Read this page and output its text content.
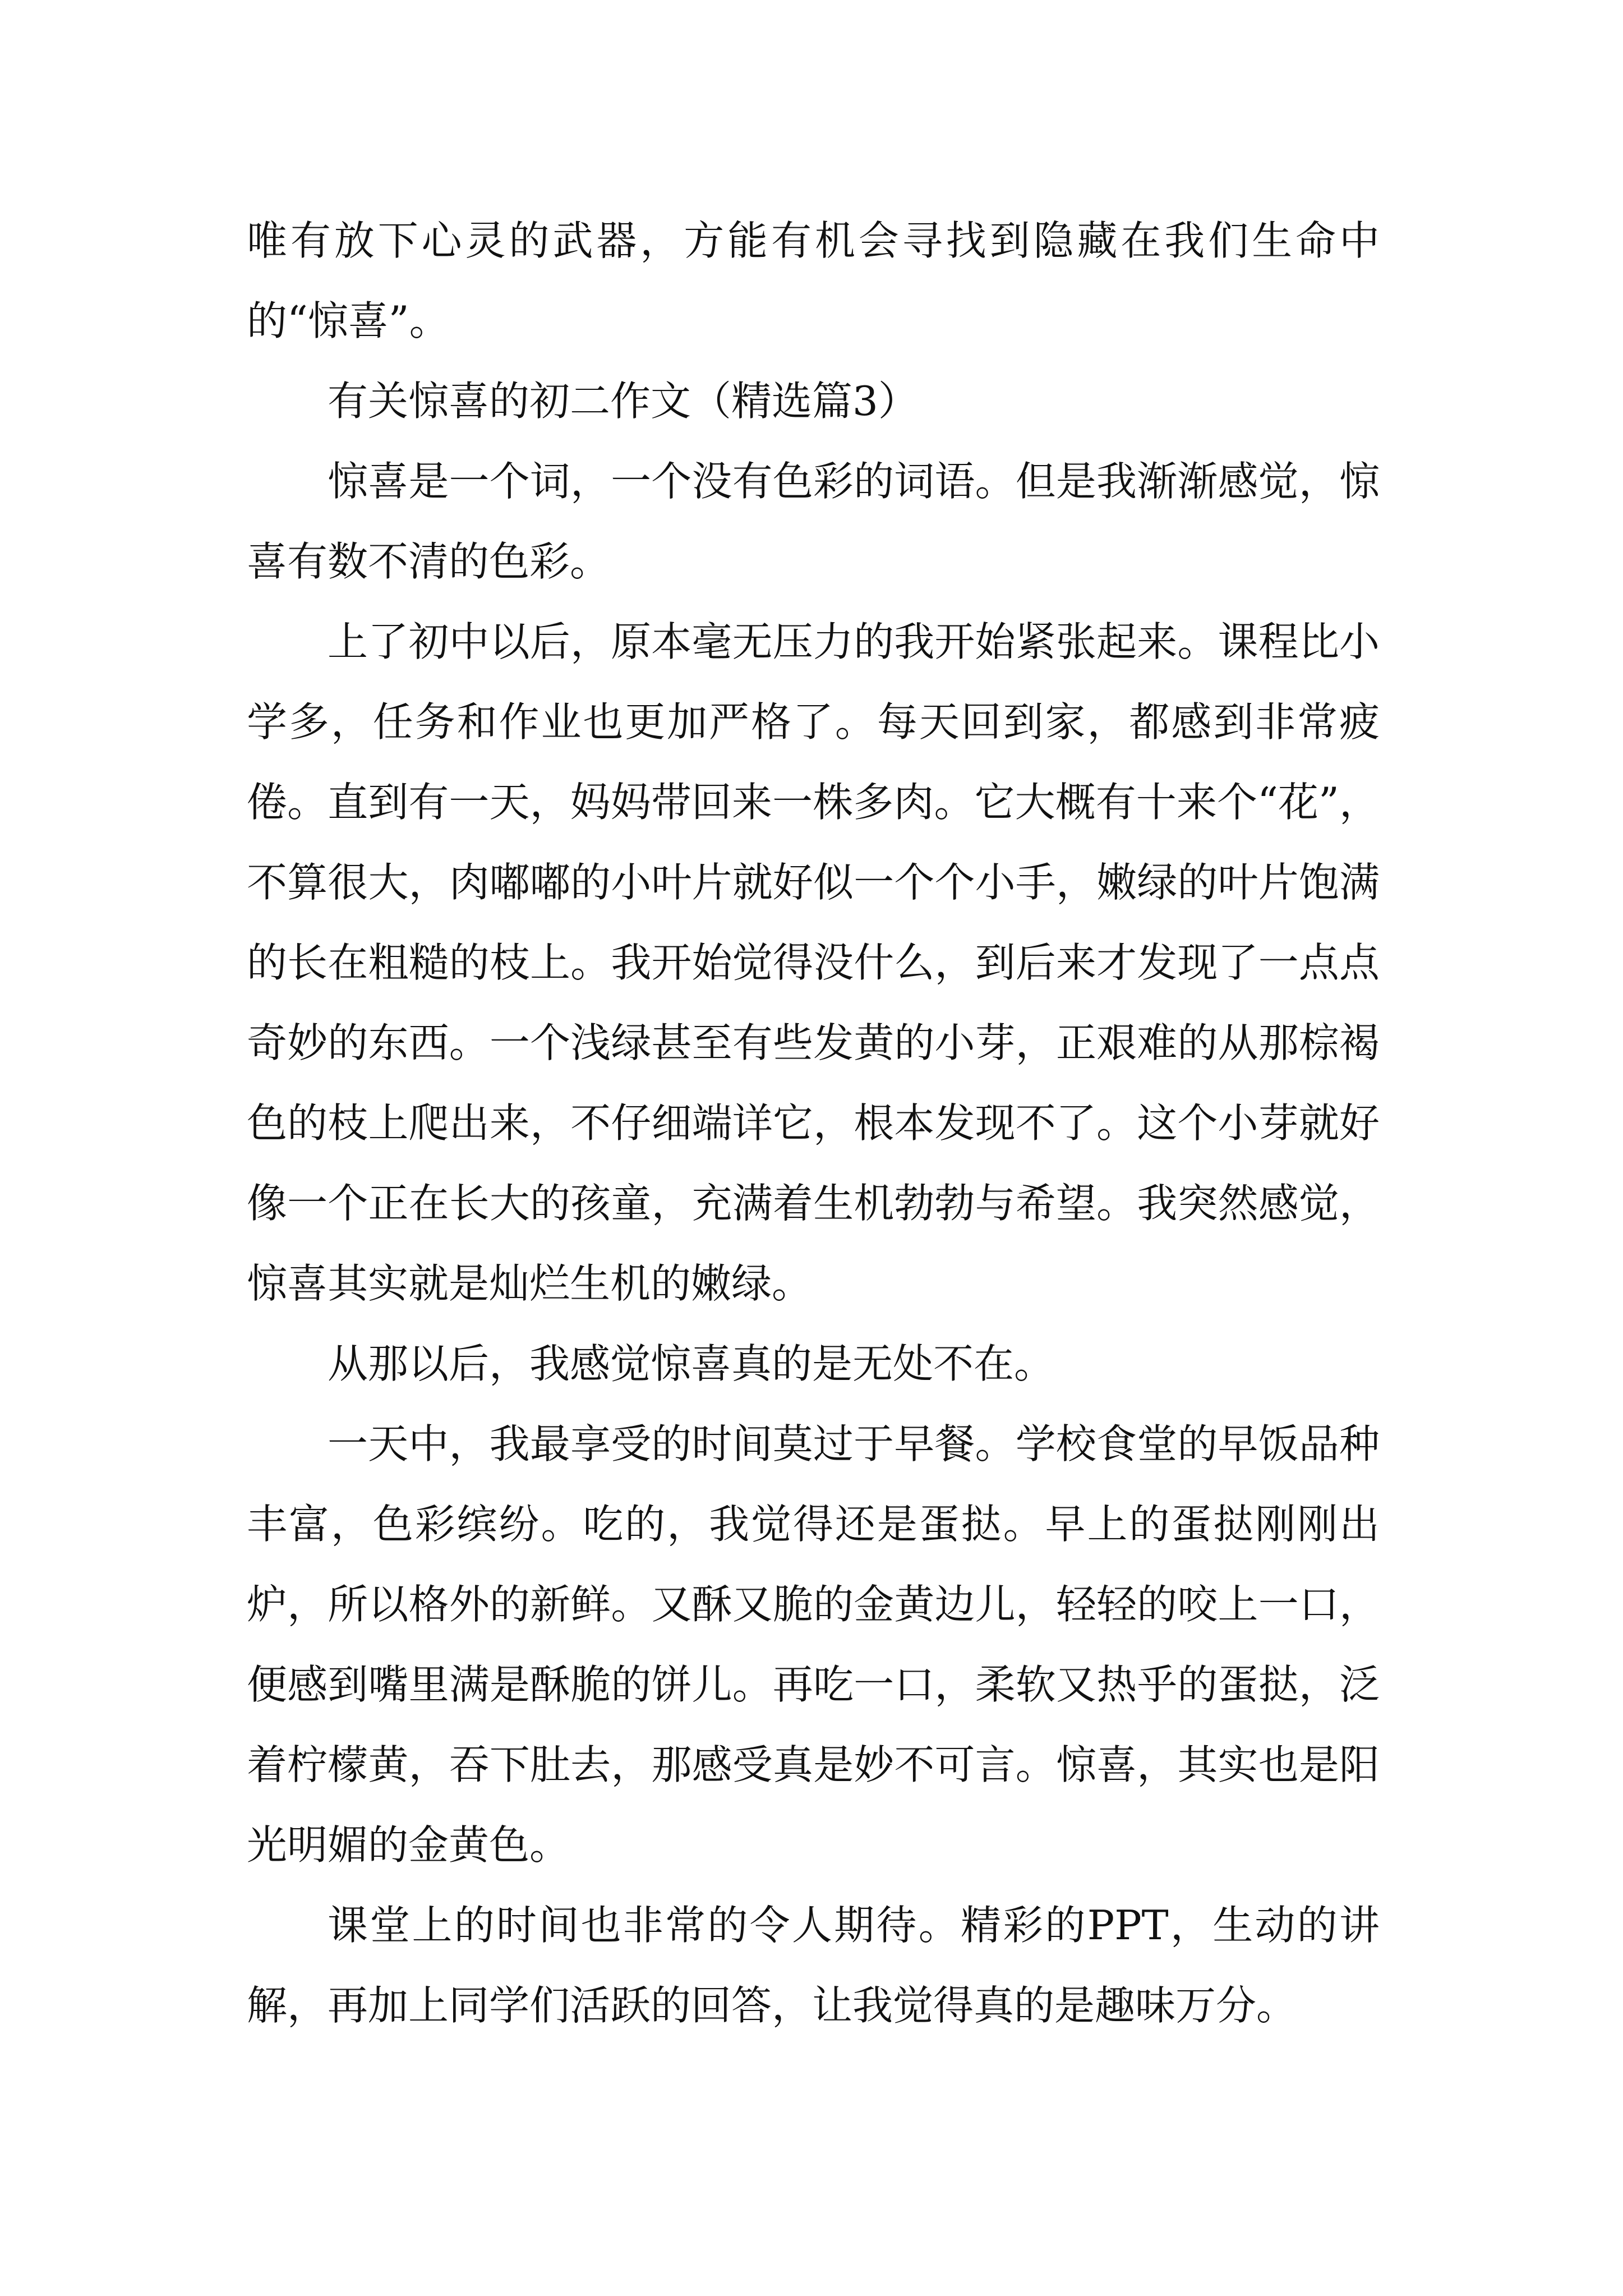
唯有放下心灵的武器，方能有机会寻找到隐藏在我们生命中的“惊喜”。

有关惊喜的初二作文（精选篇3）

惊喜是一个词，一个没有色彩的词语。但是我渐渐感觉，惊喜有数不清的色彩。

上了初中以后，原本毫无压力的我开始紧张起来。课程比小学多，任务和作业也更加严格了。每天回到家，都感到非常疲倦。直到有一天，妈妈带回来一株多肉。它大概有十来个“花”，不算很大，肉嘟嘟的小叶片就好似一个个小手，嫩绿的叶片饱满的长在粗糙的枝上。我开始觉得没什么，到后来才发现了一点点奇妙的东西。一个浅绿甚至有些发黄的小芽，正艰难的从那棕褐色的枝上爬出来，不仔细端详它，根本发现不了。这个小芽就好像一个正在长大的孩童，充满着生机勃勃与希望。我突然感觉，惊喜其实就是灿烂生机的嫩绿。

从那以后，我感觉惊喜真的是无处不在。

一天中，我最享受的时间莫过于早餐。学校食堂的早饭品种丰富，色彩缤纷。吃的，我觉得还是蛋挞。早上的蛋挞刚刚出炉，所以格外的新鲜。又酥又脆的金黄边儿，轻轻的咬上一口，便感到嘴里满是酥脆的饼儿。再吃一口，柔软又热乎的蛋挞，泛着柠檬黄，吞下肚去，那感受真是妙不可言。惊喜，其实也是阳光明媚的金黄色。

课堂上的时间也非常的令人期待。精彩的PPT，生动的讲解，再加上同学们活跃的回答，让我觉得真的是趣味万分。
